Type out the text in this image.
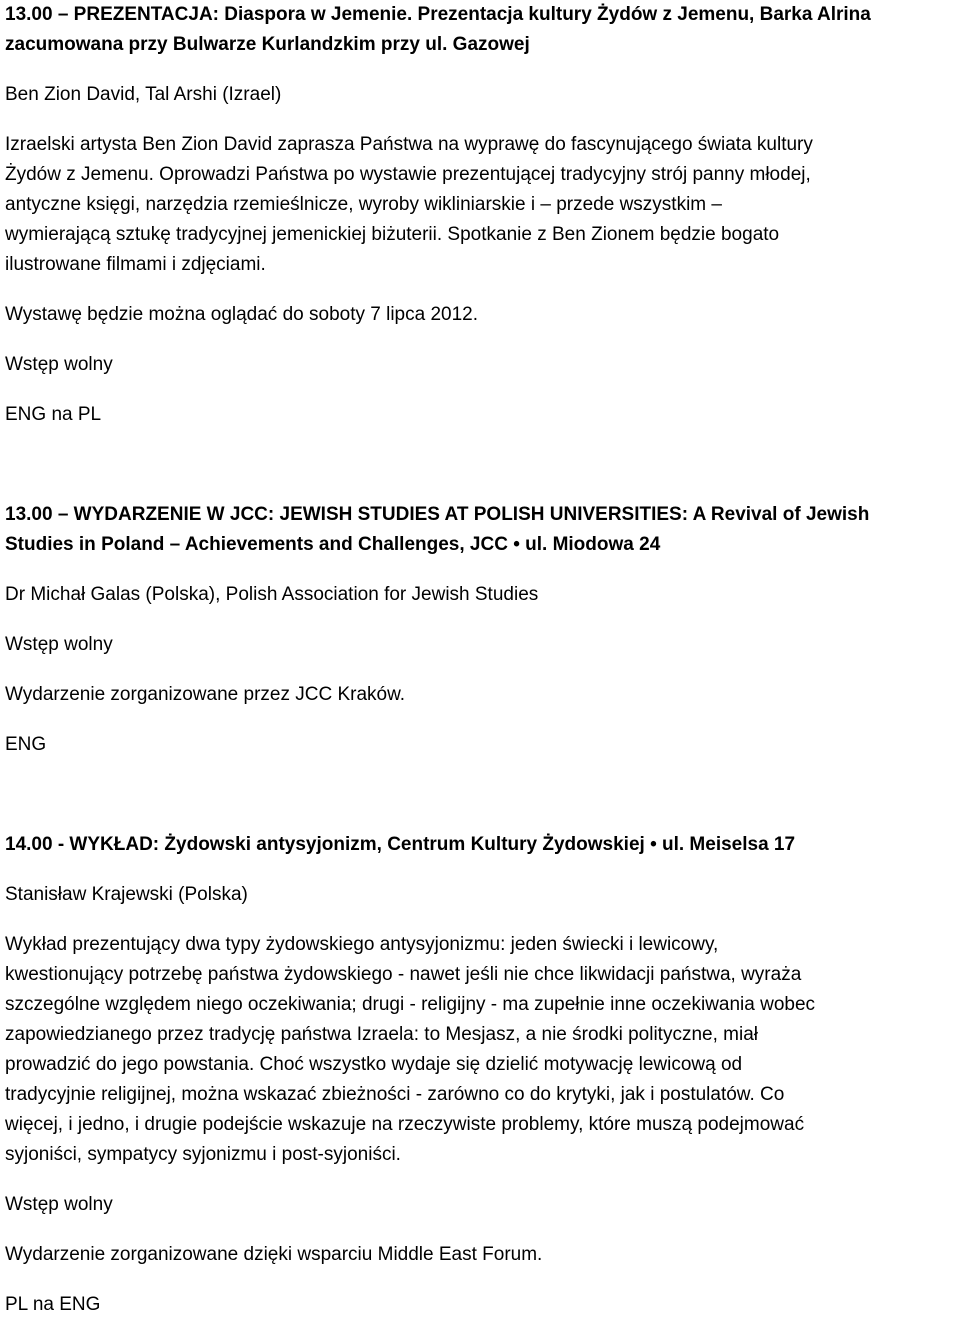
13.00 – PREZENTACJA: Diaspora w Jemenie. Prezentacja kultury Żydów z Jemenu, Barka Alrina
zacumowana przy Bulwarze Kurlandzkim przy ul. Gazowej
Ben Zion David, Tal Arshi (Izrael)
Izraelski artysta Ben Zion David zaprasza Państwa na wyprawę do fascynującego świata kultury
Żydów z Jemenu. Oprowadzi Państwa po wystawie prezentującej tradycyjny strój panny młodej,
antyczne księgi, narzędzia rzemieślnicze, wyroby wikliniarskie i – przede wszystkim –
wymierającą sztukę tradycyjnej jemenickiej biżuterii. Spotkanie z Ben Zionem będzie bogato
ilustrowane filmami i zdjęciami.
Wystawę będzie można oglądać do soboty 7 lipca 2012.
Wstęp wolny
ENG na PL
13.00 – WYDARZENIE W JCC: JEWISH STUDIES AT POLISH UNIVERSITIES: A Revival of Jewish
Studies in Poland – Achievements and Challenges, JCC • ul. Miodowa 24
Dr Michał Galas (Polska), Polish Association for Jewish Studies
Wstęp wolny
Wydarzenie zorganizowane przez JCC Kraków.
ENG
14.00 - WYKŁAD: Żydowski antysyjonizm, Centrum Kultury Żydowskiej • ul. Meiselsa 17
Stanisław Krajewski (Polska)
Wykład prezentujący dwa typy żydowskiego antysyjonizmu: jeden świecki i lewicowy,
kwestionujący potrzebę państwa żydowskiego - nawet jeśli nie chce likwidacji państwa, wyraża
szczególne względem niego oczekiwania; drugi - religijny - ma zupełnie inne oczekiwania wobec
zapowiedzianego przez tradycję państwa Izraela: to Mesjasz, a nie środki polityczne, miał
prowadzić do jego powstania. Choć wszystko wydaje się dzielić motywację lewicową od
tradycyjnie religijnej, można wskazać zbieżności - zarówno co do krytyki, jak i postulatów. Co
więcej, i jedno, i drugie podejście wskazuje na rzeczywiste problemy, które muszą podejmować
syjoniści, sympatycy syjonizmu i post-syjoniści.
Wstęp wolny
Wydarzenie zorganizowane dzięki wsparciu Middle East Forum.
PL na ENG
